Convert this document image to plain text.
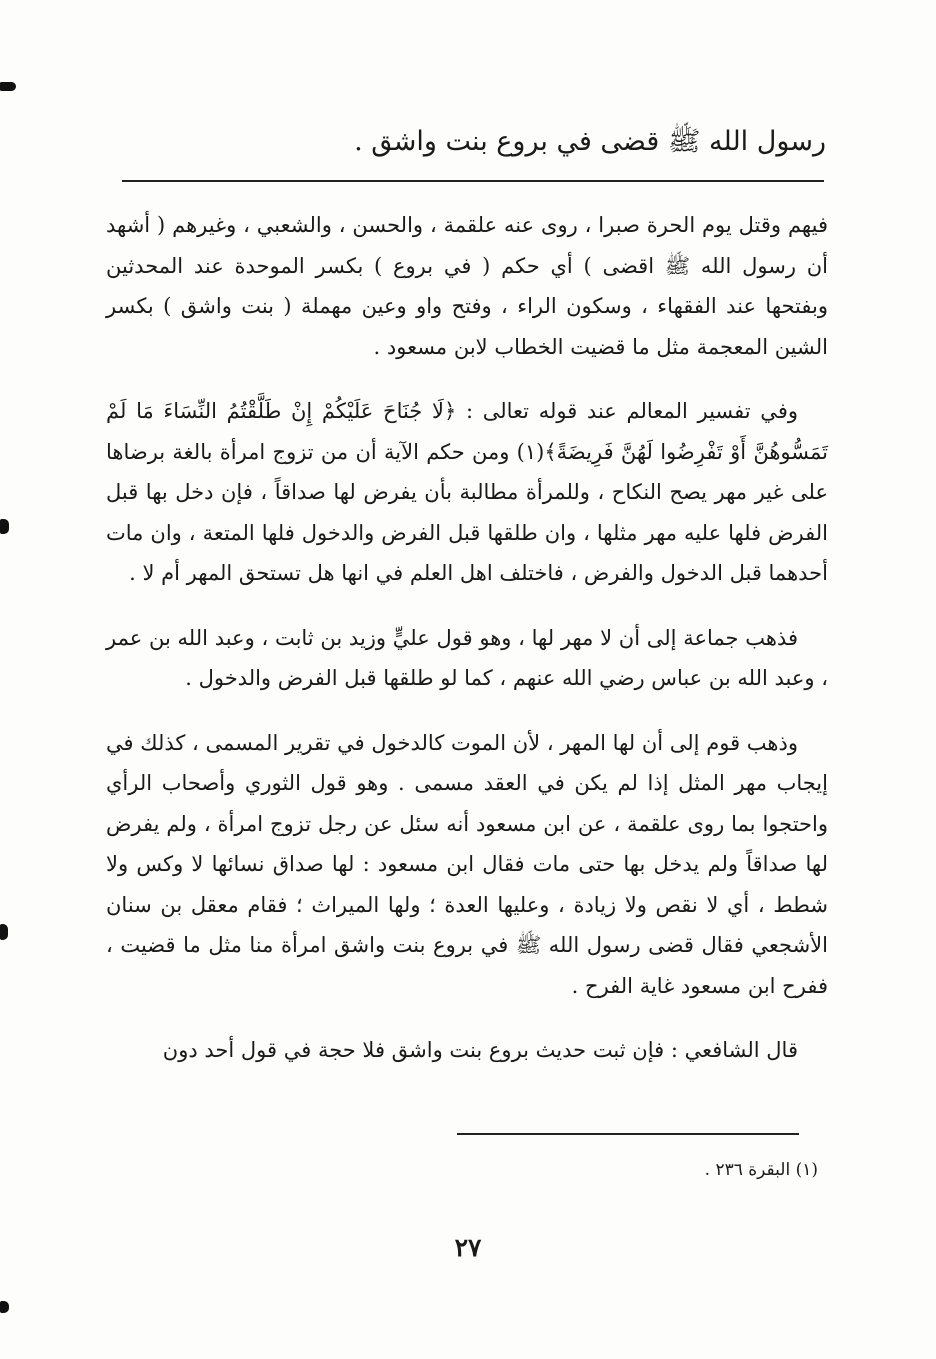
رسول الله ﷺ قضى في بروع بنت واشق .

فيهم وقتل يوم الحرة صبرا ، روى عنه علقمة ، والحسن ، والشعبي ، وغيرهم ( أشهد أن رسول الله ﷺ اقضى ) أي حكم ( في بروع ) بكسر الموحدة عند المحدثين وبفتحها عند الفقهاء ، وسكون الراء ، وفتح واو وعين مهملة ( بنت واشق ) بكسر الشين المعجمة مثل ما قضيت الخطاب لابن مسعود .

وفي تفسير المعالم عند قوله تعالى : ﴿لَا جُنَاحَ عَلَيْكُمْ إِنْ طَلَّقْتُمُ النِّسَاءَ مَا لَمْ تَمَسُّوهُنَّ أَوْ تَفْرِضُوا لَهُنَّ فَرِيضَةً﴾(١) ومن حكم الآية أن من تزوج امرأة بالغة برضاها على غير مهر يصح النكاح ، وللمرأة مطالبة بأن يفرض لها صداقاً ، فإن دخل بها قبل الفرض فلها عليه مهر مثلها ، وان طلقها قبل الفرض والدخول فلها المتعة ، وان مات أحدهما قبل الدخول والفرض ، فاختلف اهل العلم في انها هل تستحق المهر أم لا .

فذهب جماعة إلى أن لا مهر لها ، وهو قول عليٍّ وزيد بن ثابت ، وعبد الله بن عمر ، وعبد الله بن عباس رضي الله عنهم ، كما لو طلقها قبل الفرض والدخول .

وذهب قوم إلى أن لها المهر ، لأن الموت كالدخول في تقرير المسمى ، كذلك في إيجاب مهر المثل إذا لم يكن في العقد مسمى . وهو قول الثوري وأصحاب الرأي واحتجوا بما روى علقمة ، عن ابن مسعود أنه سئل عن رجل تزوج امرأة ، ولم يفرض لها صداقاً ولم يدخل بها حتى مات فقال ابن مسعود : لها صداق نسائها لا وكس ولا شطط ، أي لا نقص ولا زيادة ، وعليها العدة ؛ ولها الميراث ؛ فقام معقل بن سنان الأشجعي فقال قضى رسول الله ﷺ في بروع بنت واشق امرأة منا مثل ما قضيت ، ففرح ابن مسعود غاية الفرح .

قال الشافعي : فإن ثبت حديث بروع بنت واشق فلا حجة في قول أحد دون

(١) البقرة ٢٣٦ .
٢٧
